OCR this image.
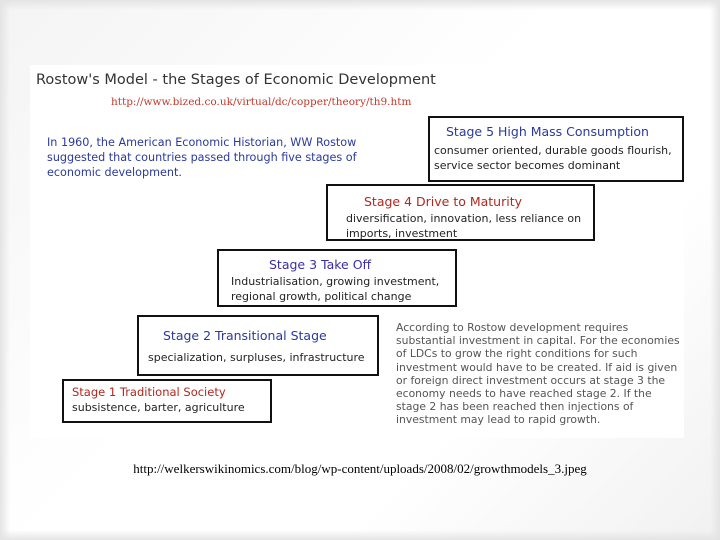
Rostow's Model - the Stages of Economic Development
http://www.bized.co.uk/virtual/dc/copper/theory/th9.htm
In 1960, the American Economic Historian, WW Rostow suggested that countries passed through five stages of economic development.
Stage 5 High Mass Consumption
consumer oriented, durable goods flourish, service sector becomes dominant
Stage 4 Drive to Maturity
diversification, innovation, less reliance on imports, investment
Stage 3 Take Off
Industrialisation, growing investment, regional growth, political change
Stage 2 Transitional Stage
specialization, surpluses, infrastructure
Stage 1 Traditional Society
subsistence, barter, agriculture
According to Rostow development requires substantial investment in capital. For the economies of LDCs to grow the right conditions for such investment would have to be created. If aid is given or foreign direct investment occurs at stage 3 the economy needs to have reached stage 2. If the stage 2 has been reached then injections of investment may lead to rapid growth.
http://welkerswikinomics.com/blog/wp-content/uploads/2008/02/growthmodels_3.jpeg
